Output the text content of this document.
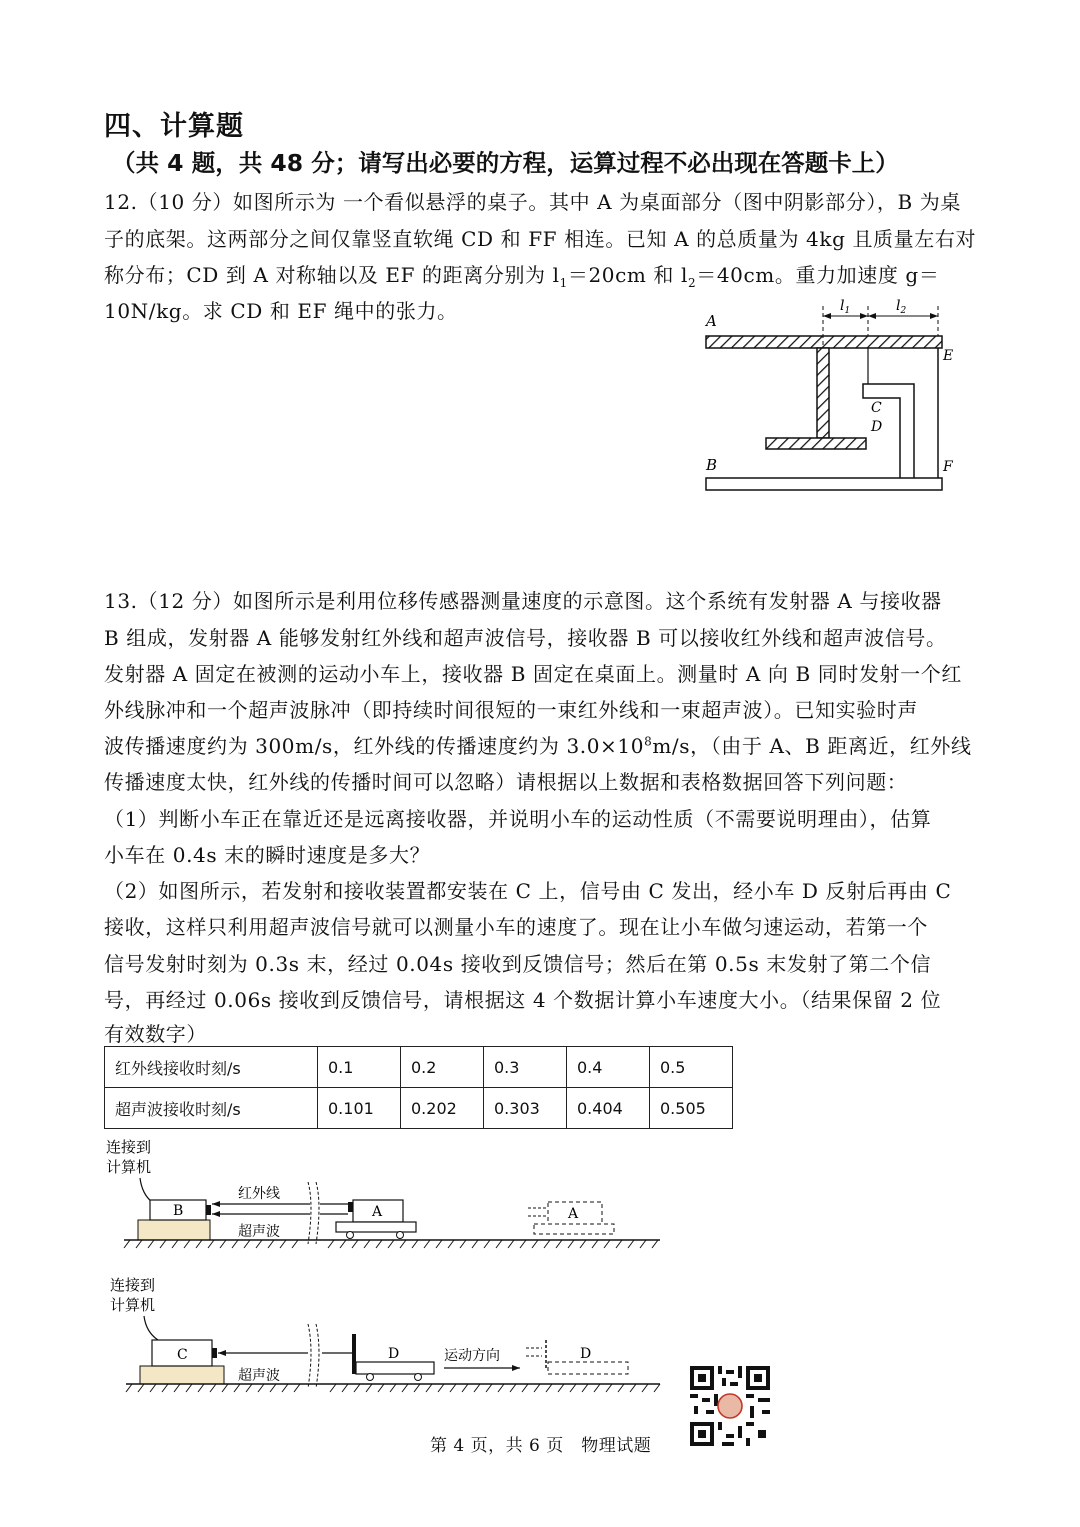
四、计算题
（共 4 题，共 48 分；请写出必要的方程，运算过程不必出现在答题卡上）
12.（10 分）如图所示为 一个看似悬浮的桌子。其中 A 为桌面部分（图中阴影部分），B 为桌
子的底架。这两部分之间仅靠竖直软绳 CD 和 FF 相连。已知 A 的总质量为 4kg 且质量左右对
称分布；CD 到 A 对称轴以及 EF 的距离分别为 $l_1=20cm$ 和 $l_2=40cm$。重力加速度 g＝
10N/kg。求 CD 和 EF 绳中的张力。	$l_1$	$l_2$
A
B
C
D
E
F
13.（12 分）如图所示是利用位移传感器测量速度的示意图。这个系统有发射器 A 与接收器
B 组成，发射器 A 能够发射红外线和超声波信号，接收器 B 可以接收红外线和超声波信号。
发射器 A 固定在被测的运动小车上，接收器 B 固定在桌面上。测量时 A 向 B 同时发射一个红
外线脉冲和一个超声波脉冲（即持续时间很短的一束红外线和一束超声波）。已知实验时声
波传播速度约为 300m/s，红外线的传播速度约为 $3.0\times 10^8m/s$，（由于 A、B 距离近，红外线
传播速度太快，红外线的传播时间可以忽略）请根据以上数据和表格数据回答下列问题：
（1）判断小车正在靠近还是远离接收器，并说明小车的运动性质（不需要说明理由），估算
小车在 0.4s 末的瞬时速度是多大？
（2）如图所示，若发射和接收装置都安装在 C 上，信号由 C 发出，经小车 D 反射后再由 C
接收，这样只利用超声波信号就可以测量小车的速度了。现在让小车做匀速运动，若第一个
信号发射时刻为 0.3s 末，经过 0.04s 接收到反馈信号；然后在第 0.5s 末发射了第二个信
号，再经过 0.06s 接收到反馈信号，请根据这 4 个数据计算小车速度大小。（结果保留 2 位
有效数字）
红外线接收时刻/s	0.1	0.2	0.3	0.4	0.5
超声波接收时刻/s	0.101	0.202	0.303	0.404	0.505
连接到
计算机
B
红外线
超声波
A	A
连接到
计算机
C
超声波
D	运动方向	D
第 4 页，共 6 页　物理试题
